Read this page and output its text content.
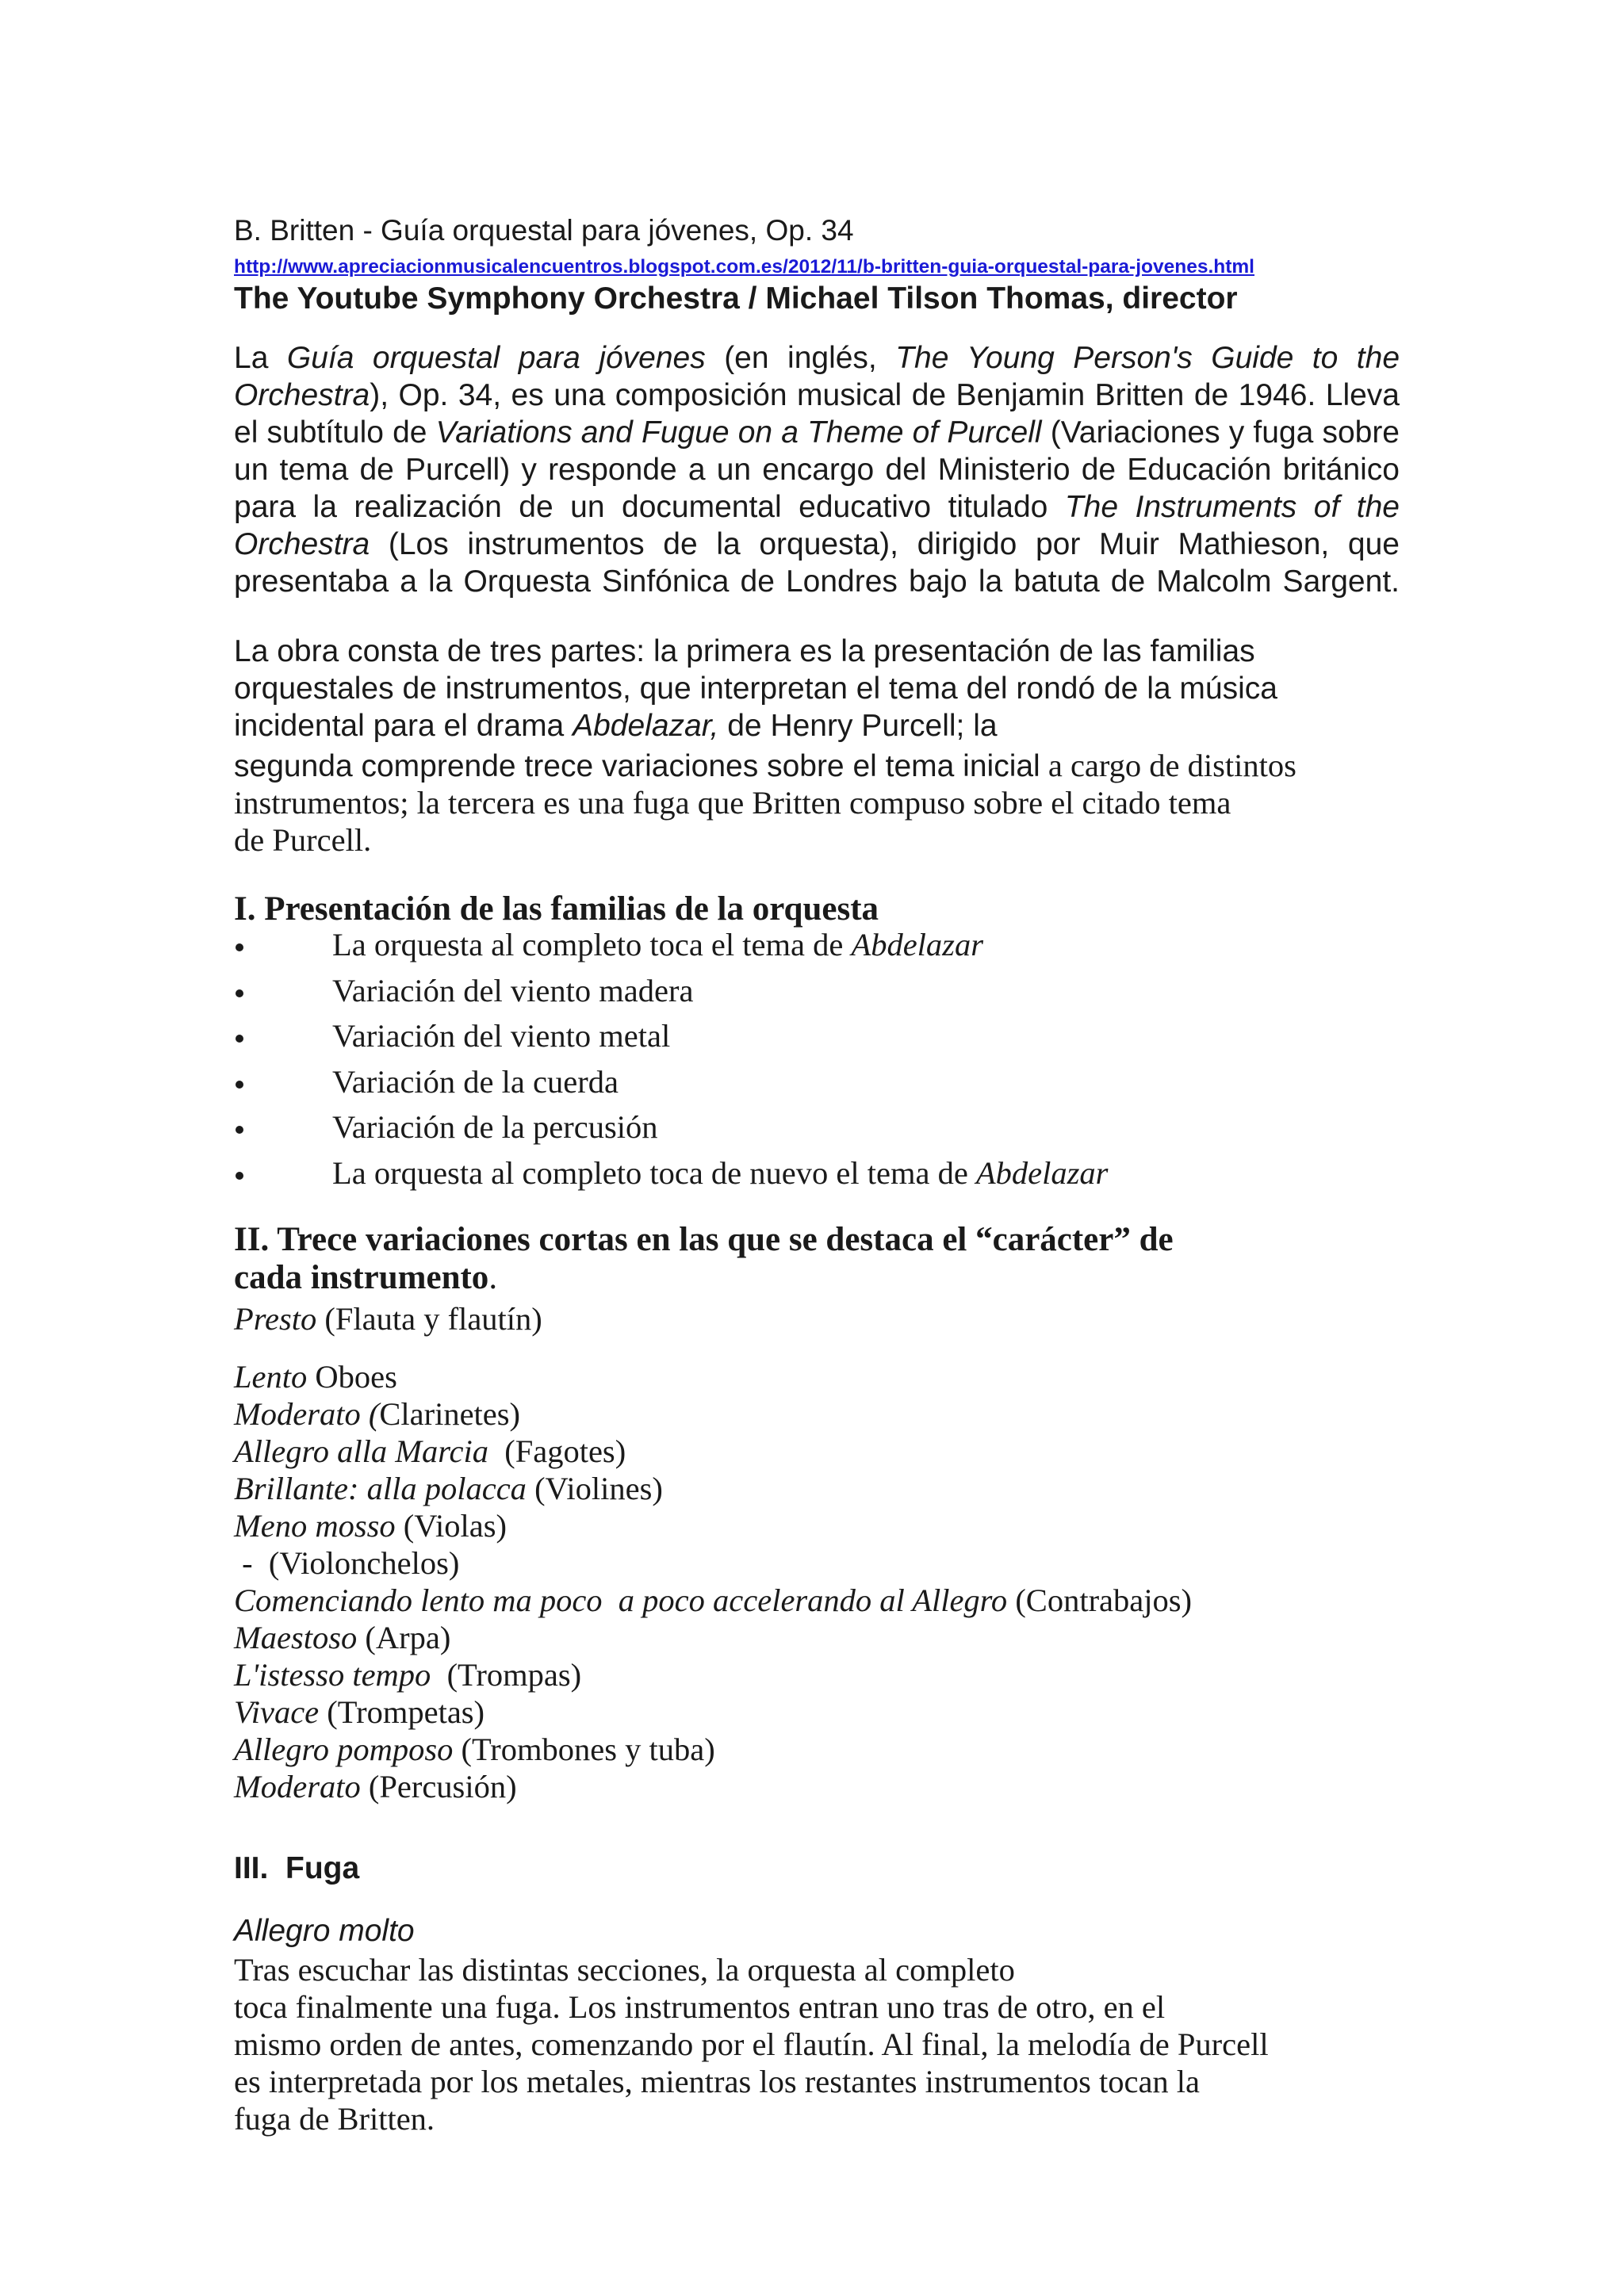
B. Britten - Guía orquestal para jóvenes, Op. 34

http://www.apreciacionmusicalencuentros.blogspot.com.es/2012/11/b-britten-guia-orquestal-para-jovenes.html

The Youtube Symphony Orchestra / Michael Tilson Thomas, director

La Guía orquestal para jóvenes (en inglés, The Young Person's Guide to the Orchestra), Op. 34, es una composición musical de Benjamin Britten de 1946. Lleva el subtítulo de Variations and Fugue on a Theme of Purcell (Variaciones y fuga sobre un tema de Purcell) y responde a un encargo del Ministerio de Educación británico para la realización de un documental educativo titulado The Instruments of the Orchestra (Los instrumentos de la orquesta), dirigido por Muir Mathieson, que presentaba a la Orquesta Sinfónica de Londres bajo la batuta de Malcolm Sargent.

La obra consta de tres partes: la primera es la presentación de las familias

orquestales de instrumentos, que interpretan el tema del rondó de la música

incidental para el drama Abdelazar, de Henry Purcell; la

segunda comprende trece variaciones sobre el tema inicial a cargo de distintos

instrumentos; la tercera es una fuga que Britten compuso sobre el citado tema

de Purcell.

I. Presentación de las familias de la orquesta
La orquesta al completo toca el tema de Abdelazar
Variación del viento madera
Variación del viento metal
Variación de la cuerda
Variación de la percusión
La orquesta al completo toca de nuevo el tema de Abdelazar
II. Trece variaciones cortas en las que se destaca el “carácter” de
cada instrumento.

Presto (Flauta y flautín)

Lento Oboes
Moderato (Clarinetes)
Allegro alla Marcia  (Fagotes)
Brillante: alla polacca (Violines)
Meno mosso (Violas)
-  (Violonchelos)
Comenciando lento ma poco  a poco accelerando al Allegro (Contrabajos)
Maestoso (Arpa)
L'istesso tempo  (Trompas)
Vivace (Trompetas)
Allegro pomposo (Trombones y tuba)
Moderato (Percusión)
III.  Fuga

Allegro molto

Tras escuchar las distintas secciones, la orquesta al completo

toca finalmente una fuga. Los instrumentos entran uno tras de otro, en el

mismo orden de antes, comenzando por el flautín. Al final, la melodía de Purcell

es interpretada por los metales, mientras los restantes instrumentos tocan la

fuga de Britten.
